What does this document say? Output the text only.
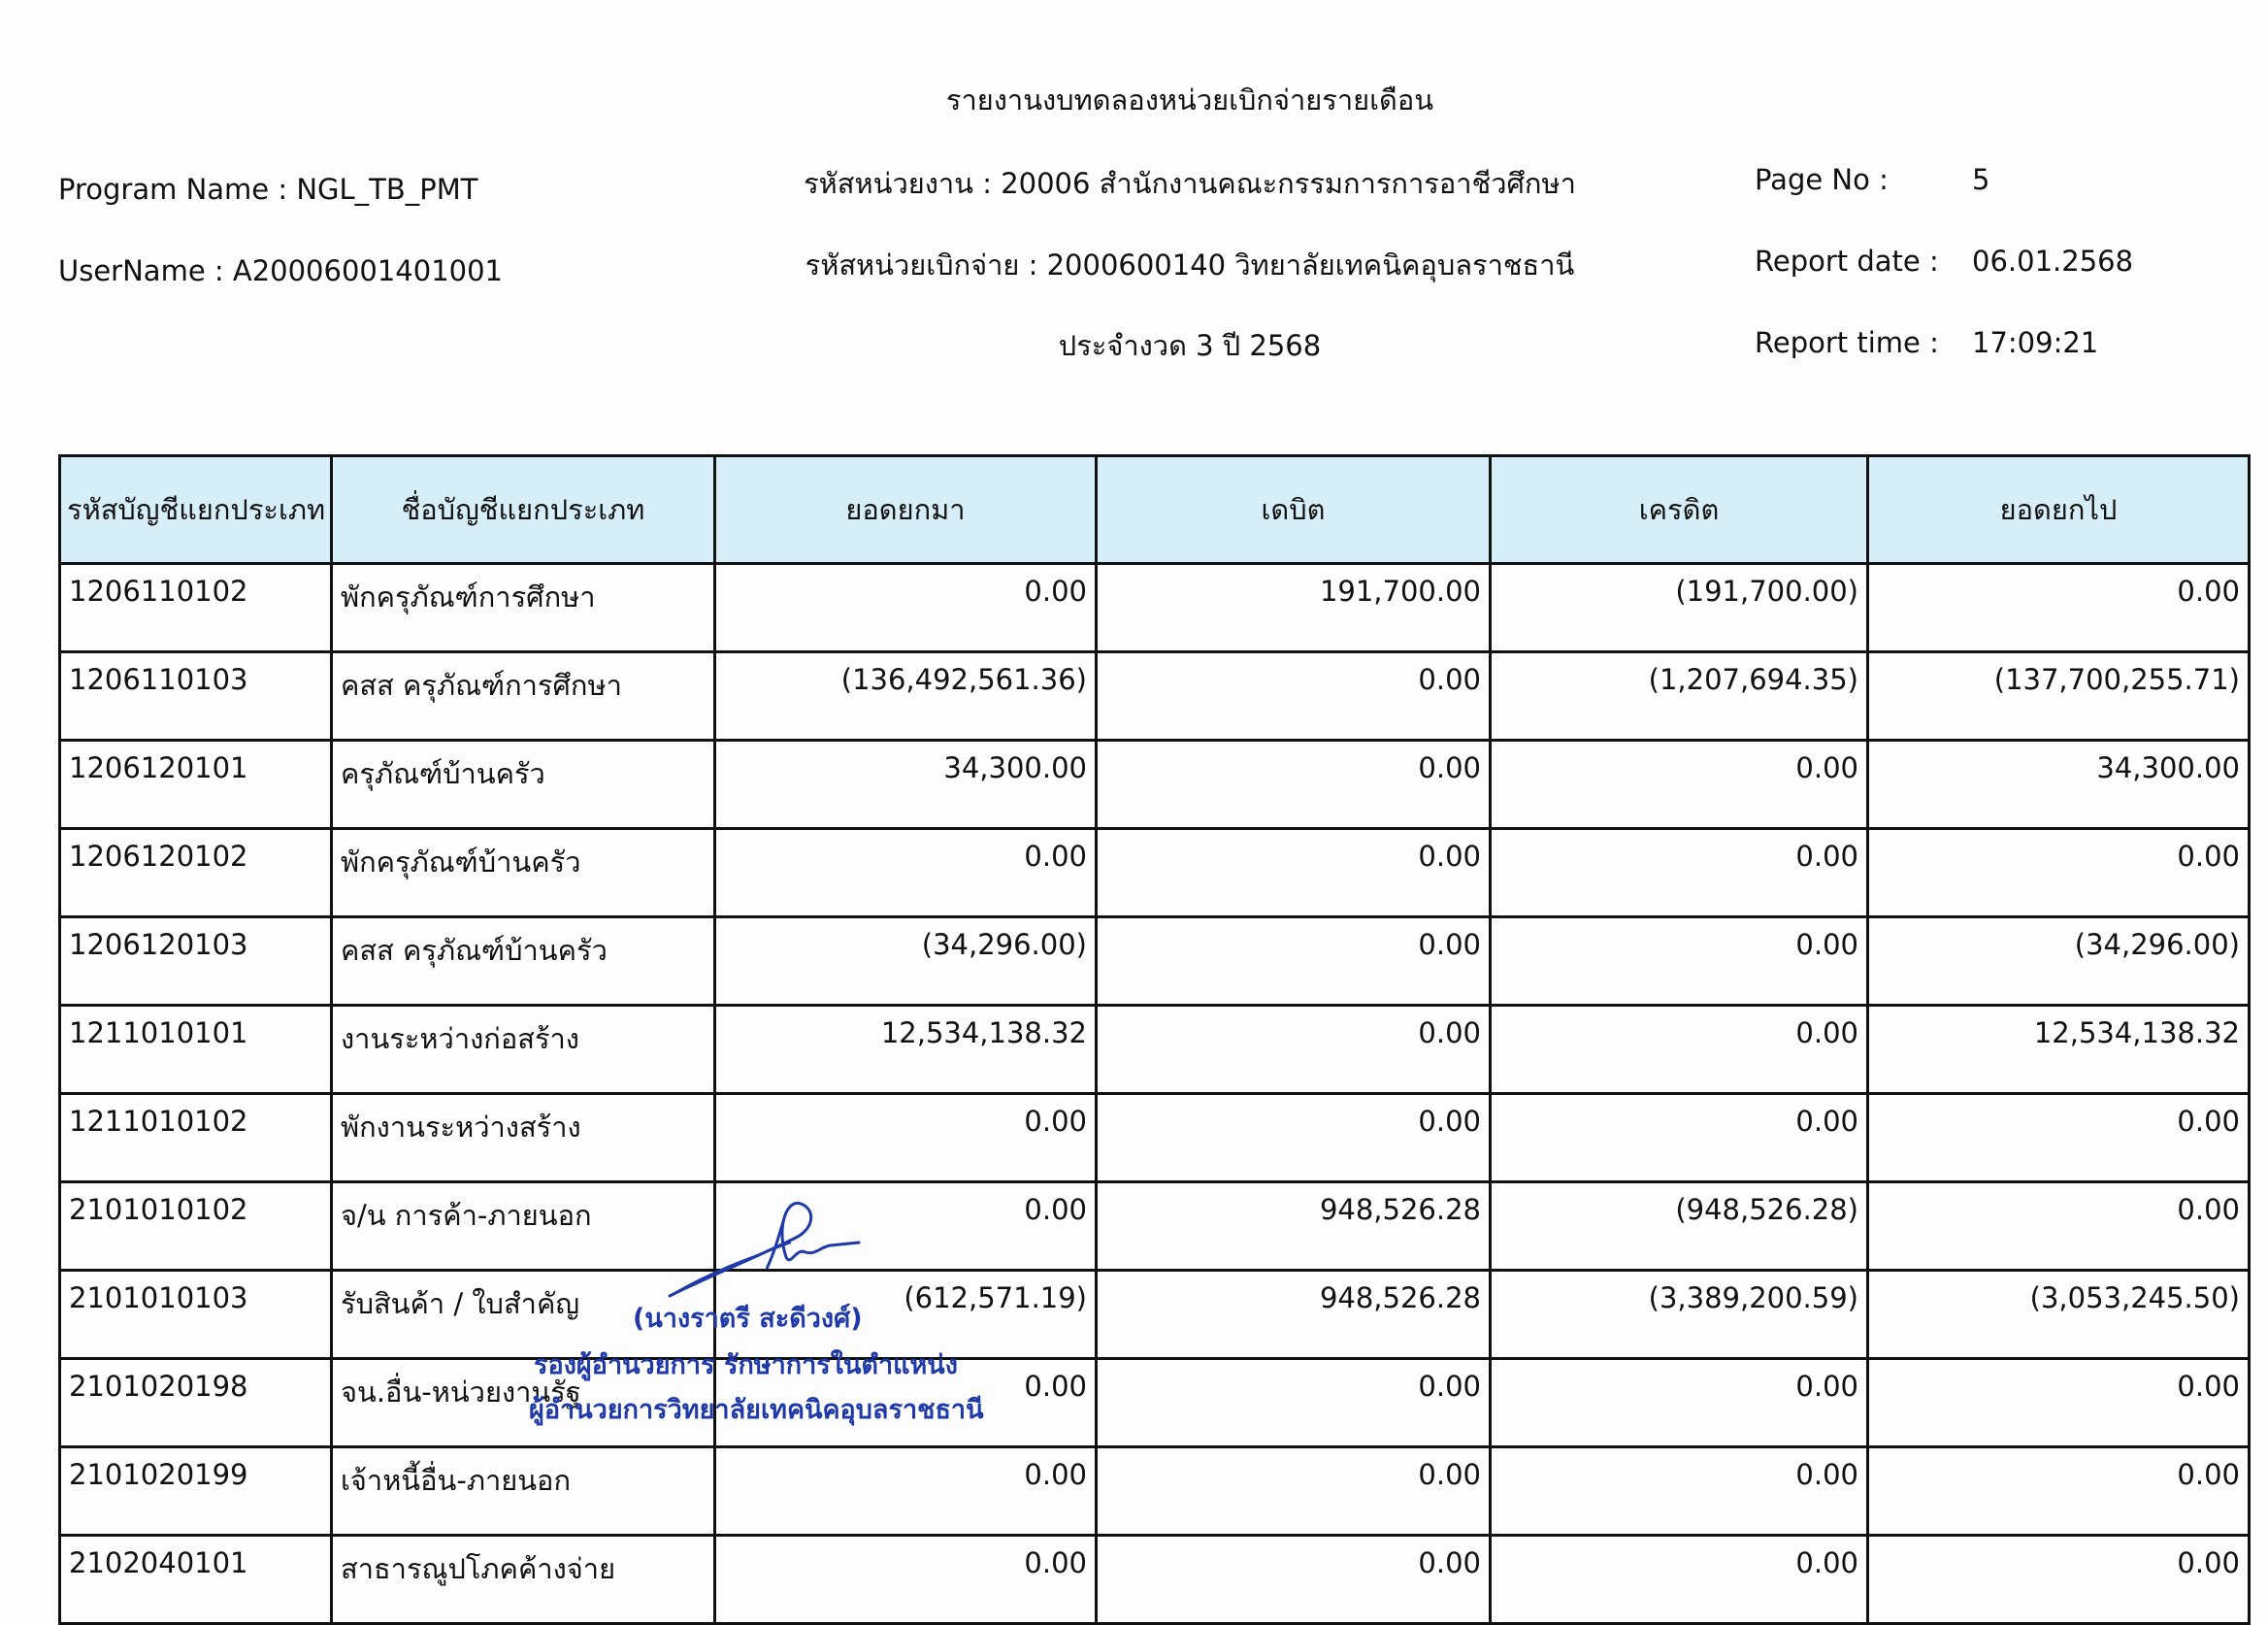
รายงานงบทดลองหน่วยเบิกจ่ายรายเดือน
Program Name : NGL_TB_PMT
UserName : A20006001401001
รหัสหน่วยงาน : 20006 สำนักงานคณะกรรมการการอาชีวศึกษา
รหัสหน่วยเบิกจ่าย : 2000600140 วิทยาลัยเทคนิคอุบลราชธานี
ประจำงวด 3 ปี 2568
Page No :	5
Report date : 06.01.2568
Report time : 17:09:21
รหัสบัญชีแยกประเภท	ชื่อบัญชีแยกประเภท	ยอดยกมา	เดบิต	เครดิต	ยอดยกไป
1206110102	พักครุภัณฑ์การศึกษา	0.00	191,700.00	(191,700.00)	0.00
1206110103	คสส ครุภัณฑ์การศึกษา	(136,492,561.36)	0.00	(1,207,694.35)	(137,700,255.71)
1206120101	ครุภัณฑ์บ้านครัว	34,300.00	0.00	0.00	34,300.00
1206120102	พักครุภัณฑ์บ้านครัว	0.00	0.00	0.00	0.00
1206120103	คสส ครุภัณฑ์บ้านครัว	(34,296.00)	0.00	0.00	(34,296.00)
1211010101	งานระหว่างก่อสร้าง	12,534,138.32	0.00	0.00	12,534,138.32
1211010102	พักงานระหว่างสร้าง	0.00	0.00	0.00	0.00
2101010102	จ/น การค้า-ภายนอก	0.00	948,526.28	(948,526.28)	0.00
2101010103	รับสินค้า / ใบสำคัญ	(612,571.19)	948,526.28	(3,389,200.59)	(3,053,245.50)
2101020198	จน.อื่น-หน่วยงานรัฐ	0.00	0.00	0.00	0.00
2101020199	เจ้าหนี้อื่น-ภายนอก	0.00	0.00	0.00	0.00
2102040101	สาธารณูปโภคค้างจ่าย	0.00	0.00	0.00	0.00
(นางราตรี สะดีวงศ์)
รองผู้อำนวยการ รักษาการในตำแหน่ง
ผู้อำนวยการวิทยาลัยเทคนิคอุบลราชธานี
